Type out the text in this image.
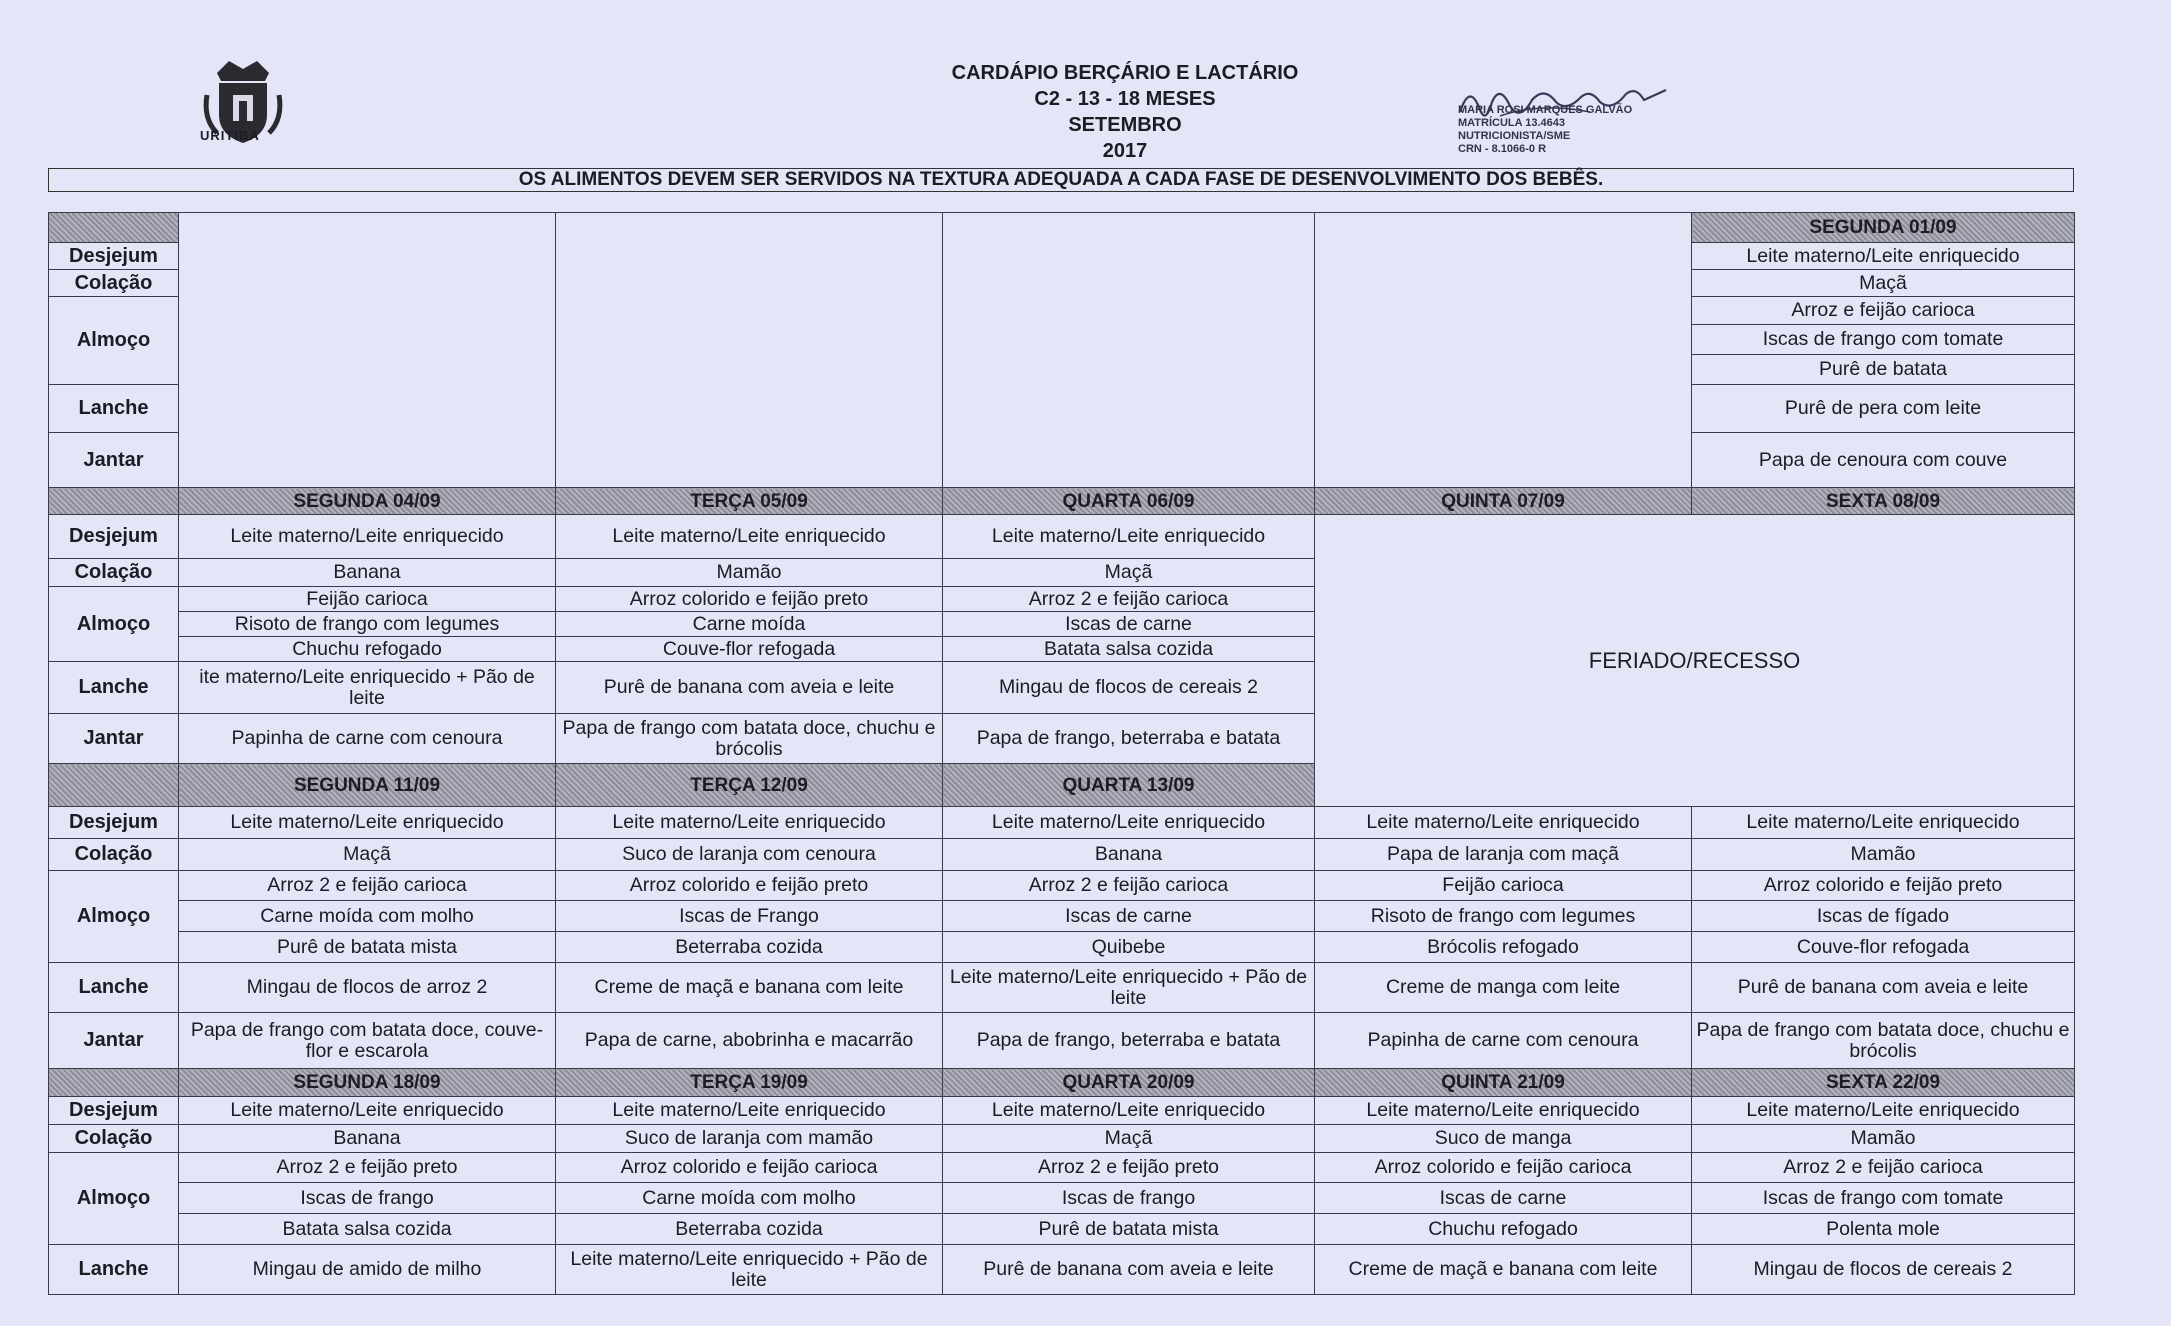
URITIBA
CARDÁPIO BERÇÁRIO E LACTÁRIO
C2 - 13 - 18 MESES
SETEMBRO
2017
MARIA ROSI MARQUES GALVÃO
MATRÍCULA 13.4643
NUTRICIONISTA/SME
CRN - 8.1066-0 R
OS ALIMENTOS DEVEM SER SERVIDOS NA TEXTURA ADEQUADA A CADA FASE DE DESENVOLVIMENTO DOS BEBÊS.
					SEGUNDA 01/09	
Desjejum					Leite materno/Leite enriquecido	
Colação					Maçã	
Almoço					Arroz e feijão carioca	
					Iscas de frango com tomate	
					Purê de batata	
Lanche					Purê de pera com leite	
Jantar					Papa de cenoura com couve	

	SEGUNDA 04/09	TERÇA 05/09	QUARTA 06/09	QUINTA 07/09	SEXTA 08/09	
Desjejum	Leite materno/Leite enriquecido	Leite materno/Leite enriquecido	Leite materno/Leite enriquecido	FERIADO/RECESSO		
Colação	Banana	Mamão	Maçã			
Almoço	Feijão carioca	Arroz colorido e feijão preto	Arroz 2 e feijão carioca			
	Risoto de frango com legumes	Carne moída	Iscas de carne			
	Chuchu refogado	Couve-flor refogada	Batata salsa cozida			
Lanche	ite materno/Leite enriquecido + Pão de leite	Purê de banana com aveia e leite	Mingau de flocos de cereais 2			
Jantar	Papinha de carne com cenoura	Papa de frango com batata doce, chuchu e brócolis	Papa de frango, beterraba e batata			
	SEGUNDA 11/09	TERÇA 12/09	QUARTA 13/09		
Desjejum	Leite materno/Leite enriquecido	Leite materno/Leite enriquecido	Leite materno/Leite enriquecido	Leite materno/Leite enriquecido	Leite materno/Leite enriquecido	
Colação	Maçã	Suco de laranja com cenoura	Banana	Papa de laranja com maçã	Mamão	
Almoço	Arroz 2 e feijão carioca	Arroz colorido e feijão preto	Arroz 2 e feijão carioca	Feijão carioca	Arroz colorido e feijão preto	
	Carne moída com molho	Iscas de Frango	Iscas de carne	Risoto de frango com legumes	Iscas de fígado	
	Purê de batata mista	Beterraba cozida	Quibebe	Brócolis refogado	Couve-flor refogada	
Lanche	Mingau de flocos de arroz 2	Creme de maçã e banana com leite	Leite materno/Leite enriquecido + Pão de leite	Creme de manga com leite	Purê de banana com aveia e leite	
Jantar	Papa de frango com batata doce, couve-flor e escarola	Papa de carne, abobrinha e macarrão	Papa de frango, beterraba e batata	Papinha de carne com cenoura	Papa de frango com batata doce, chuchu e brócolis	
	SEGUNDA 18/09	TERÇA 19/09	QUARTA 20/09	QUINTA 21/09	SEXTA 22/09	
Desjejum	Leite materno/Leite enriquecido	Leite materno/Leite enriquecido	Leite materno/Leite enriquecido	Leite materno/Leite enriquecido	Leite materno/Leite enriquecido	
Colação	Banana	Suco de laranja com mamão	Maçã	Suco de manga	Mamão	
Almoço	Arroz 2 e feijão preto	Arroz colorido e feijão carioca	Arroz 2 e feijão preto	Arroz colorido e feijão carioca	Arroz 2 e feijão carioca	
	Iscas de frango	Carne moída com molho	Iscas de frango	Iscas de carne	Iscas de frango com tomate	
	Batata salsa cozida	Beterraba cozida	Purê de batata mista	Chuchu refogado	Polenta mole	
Lanche	Mingau de amido de milho	Leite materno/Leite enriquecido + Pão de leite	Purê de banana com aveia e leite	Creme de maçã e banana com leite	Mingau de flocos de cereais 2	
